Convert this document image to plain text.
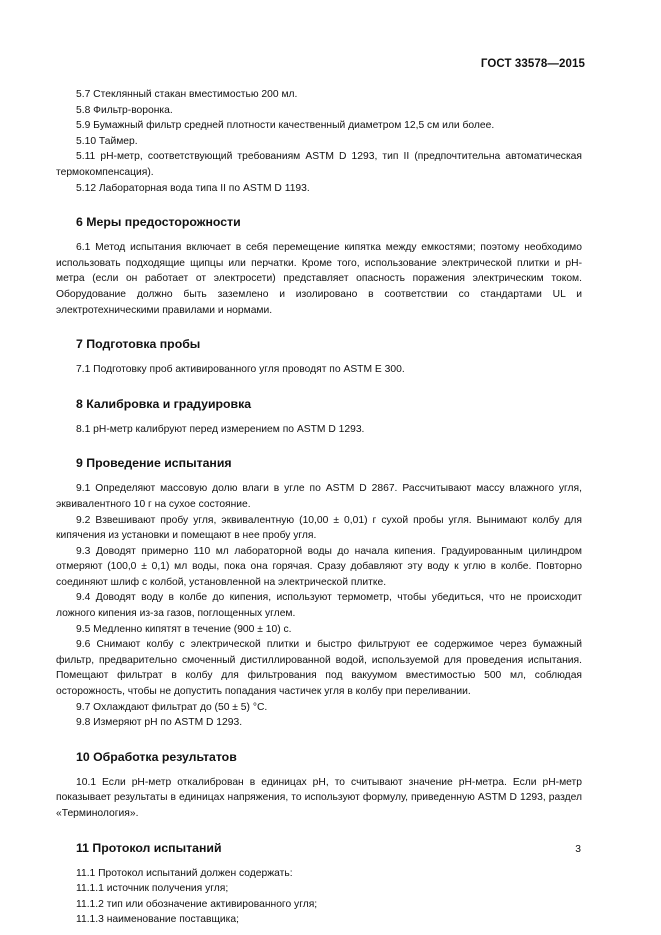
ГОСТ 33578—2015
5.7 Стеклянный стакан вместимостью 200 мл.
5.8 Фильтр-воронка.
5.9 Бумажный фильтр средней плотности качественный диаметром 12,5 см или более.
5.10 Таймер.
5.11 рН-метр, соответствующий требованиям ASTM D 1293, тип II (предпочтительна автоматическая термокомпенсация).
5.12 Лабораторная вода типа II по ASTM D 1193.
6 Меры предосторожности
6.1 Метод испытания включает в себя перемещение кипятка между емкостями; поэтому необходимо использовать подходящие щипцы или перчатки. Кроме того, использование электрической плитки и рН-метра (если он работает от электросети) представляет опасность поражения электрическим током. Оборудование должно быть заземлено и изолировано в соответствии со стандартами UL и электротехническими правилами и нормами.
7 Подготовка пробы
7.1 Подготовку проб активированного угля проводят по ASTM E 300.
8 Калибровка и градуировка
8.1 рН-метр калибруют перед измерением по ASTM D 1293.
9 Проведение испытания
9.1 Определяют массовую долю влаги в угле по ASTM D 2867. Рассчитывают массу влажного угля, эквивалентного 10 г на сухое состояние.
9.2 Взвешивают пробу угля, эквивалентную (10,00 ± 0,01) г сухой пробы угля. Вынимают колбу для кипячения из установки и помещают в нее пробу угля.
9.3 Доводят примерно 110 мл лабораторной воды до начала кипения. Градуированным цилиндром отмеряют (100,0 ± 0,1) мл воды, пока она горячая. Сразу добавляют эту воду к углю в колбе. Повторно соединяют шлиф с колбой, установленной на электрической плитке.
9.4 Доводят воду в колбе до кипения, используют термометр, чтобы убедиться, что не происходит ложного кипения из-за газов, поглощенных углем.
9.5 Медленно кипятят в течение (900 ± 10) с.
9.6 Снимают колбу с электрической плитки и быстро фильтруют ее содержимое через бумажный фильтр, предварительно смоченный дистиллированной водой, используемой для проведения испытания. Помещают фильтрат в колбу для фильтрования под вакуумом вместимостью 500 мл, соблюдая осторожность, чтобы не допустить попадания частичек угля в колбу при переливании.
9.7 Охлаждают фильтрат до (50 ± 5) °С.
9.8 Измеряют рН по ASTM D 1293.
10 Обработка результатов
10.1 Если рН-метр откалиброван в единицах рН, то считывают значение рН-метра. Если рН-метр показывает результаты в единицах напряжения, то используют формулу, приведенную ASTM D 1293, раздел «Терминология».
11 Протокол испытаний
11.1 Протокол испытаний должен содержать:
11.1.1 источник получения угля;
11.1.2 тип или обозначение активированного угля;
11.1.3 наименование поставщика;
3
